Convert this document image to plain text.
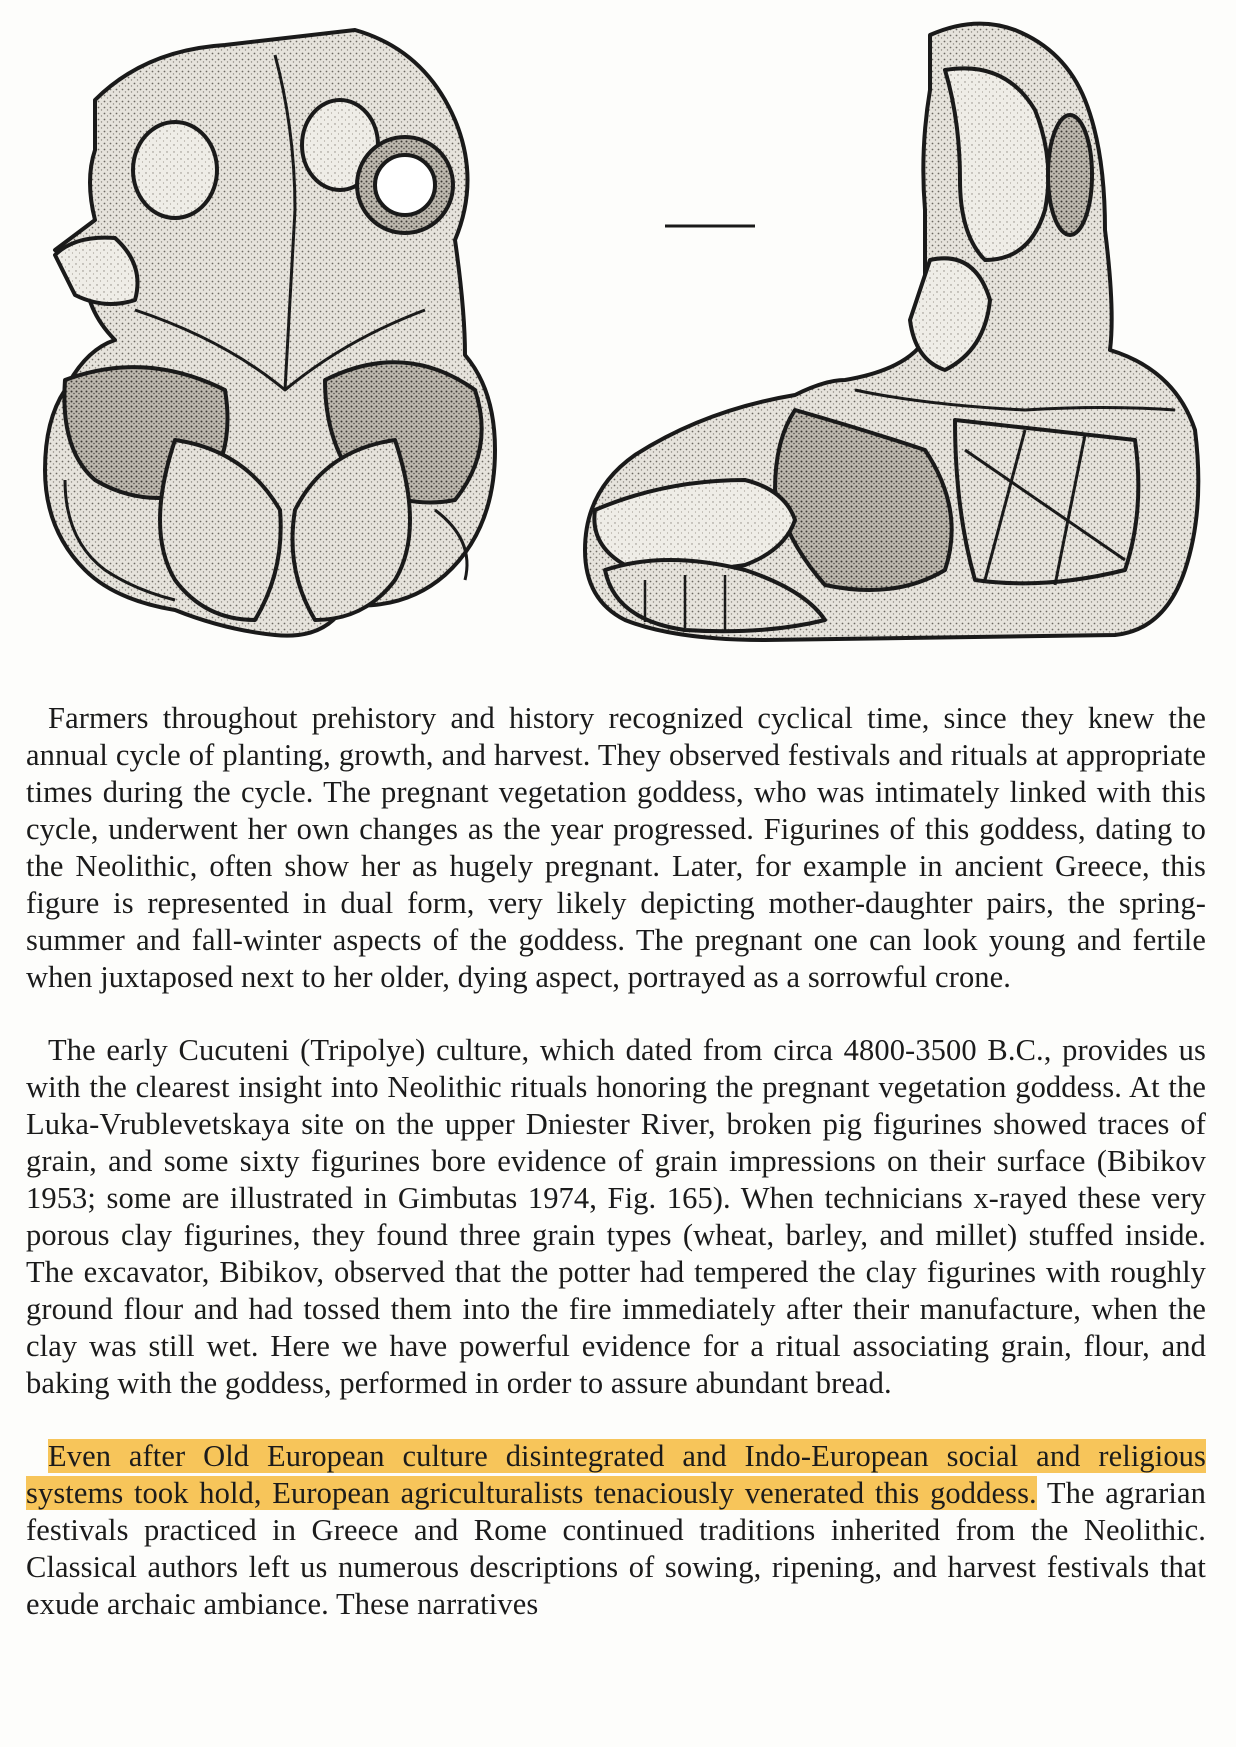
Farmers throughout prehistory and history recognized cyclical time, since they knew the annual cycle of planting, growth, and harvest. They observed festivals and rituals at appropriate times during the cycle. The pregnant vegetation goddess, who was intimately linked with this cycle, underwent her own changes as the year progressed. Figurines of this goddess, dating to the Neolithic, often show her as hugely pregnant. Later, for example in ancient Greece, this figure is represented in dual form, very likely depicting mother-daughter pairs, the spring-summer and fall-winter aspects of the goddess. The pregnant one can look young and fertile when juxtaposed next to her older, dying aspect, portrayed as a sorrowful crone.

The early Cucuteni (Tripolye) culture, which dated from circa 4800-3500 B.C., provides us with the clearest insight into Neolithic rituals honoring the pregnant vegetation goddess. At the Luka-Vrublevetskaya site on the upper Dniester River, broken pig figurines showed traces of grain, and some sixty figurines bore evidence of grain impressions on their surface (Bibikov 1953; some are illustrated in Gimbutas 1974, Fig. 165). When technicians x-rayed these very porous clay figurines, they found three grain types (wheat, barley, and millet) stuffed inside. The excavator, Bibikov, observed that the potter had tempered the clay figurines with roughly ground flour and had tossed them into the fire immediately after their manufacture, when the clay was still wet. Here we have powerful evidence for a ritual associating grain, flour, and baking with the goddess, performed in order to assure abundant bread.

Even after Old European culture disintegrated and Indo-European social and religious systems took hold, European agriculturalists tenaciously venerated this goddess. The agrarian festivals practiced in Greece and Rome continued traditions inherited from the Neolithic. Classical authors left us numerous descriptions of sowing, ripening, and harvest festivals that exude archaic ambiance. These narratives
